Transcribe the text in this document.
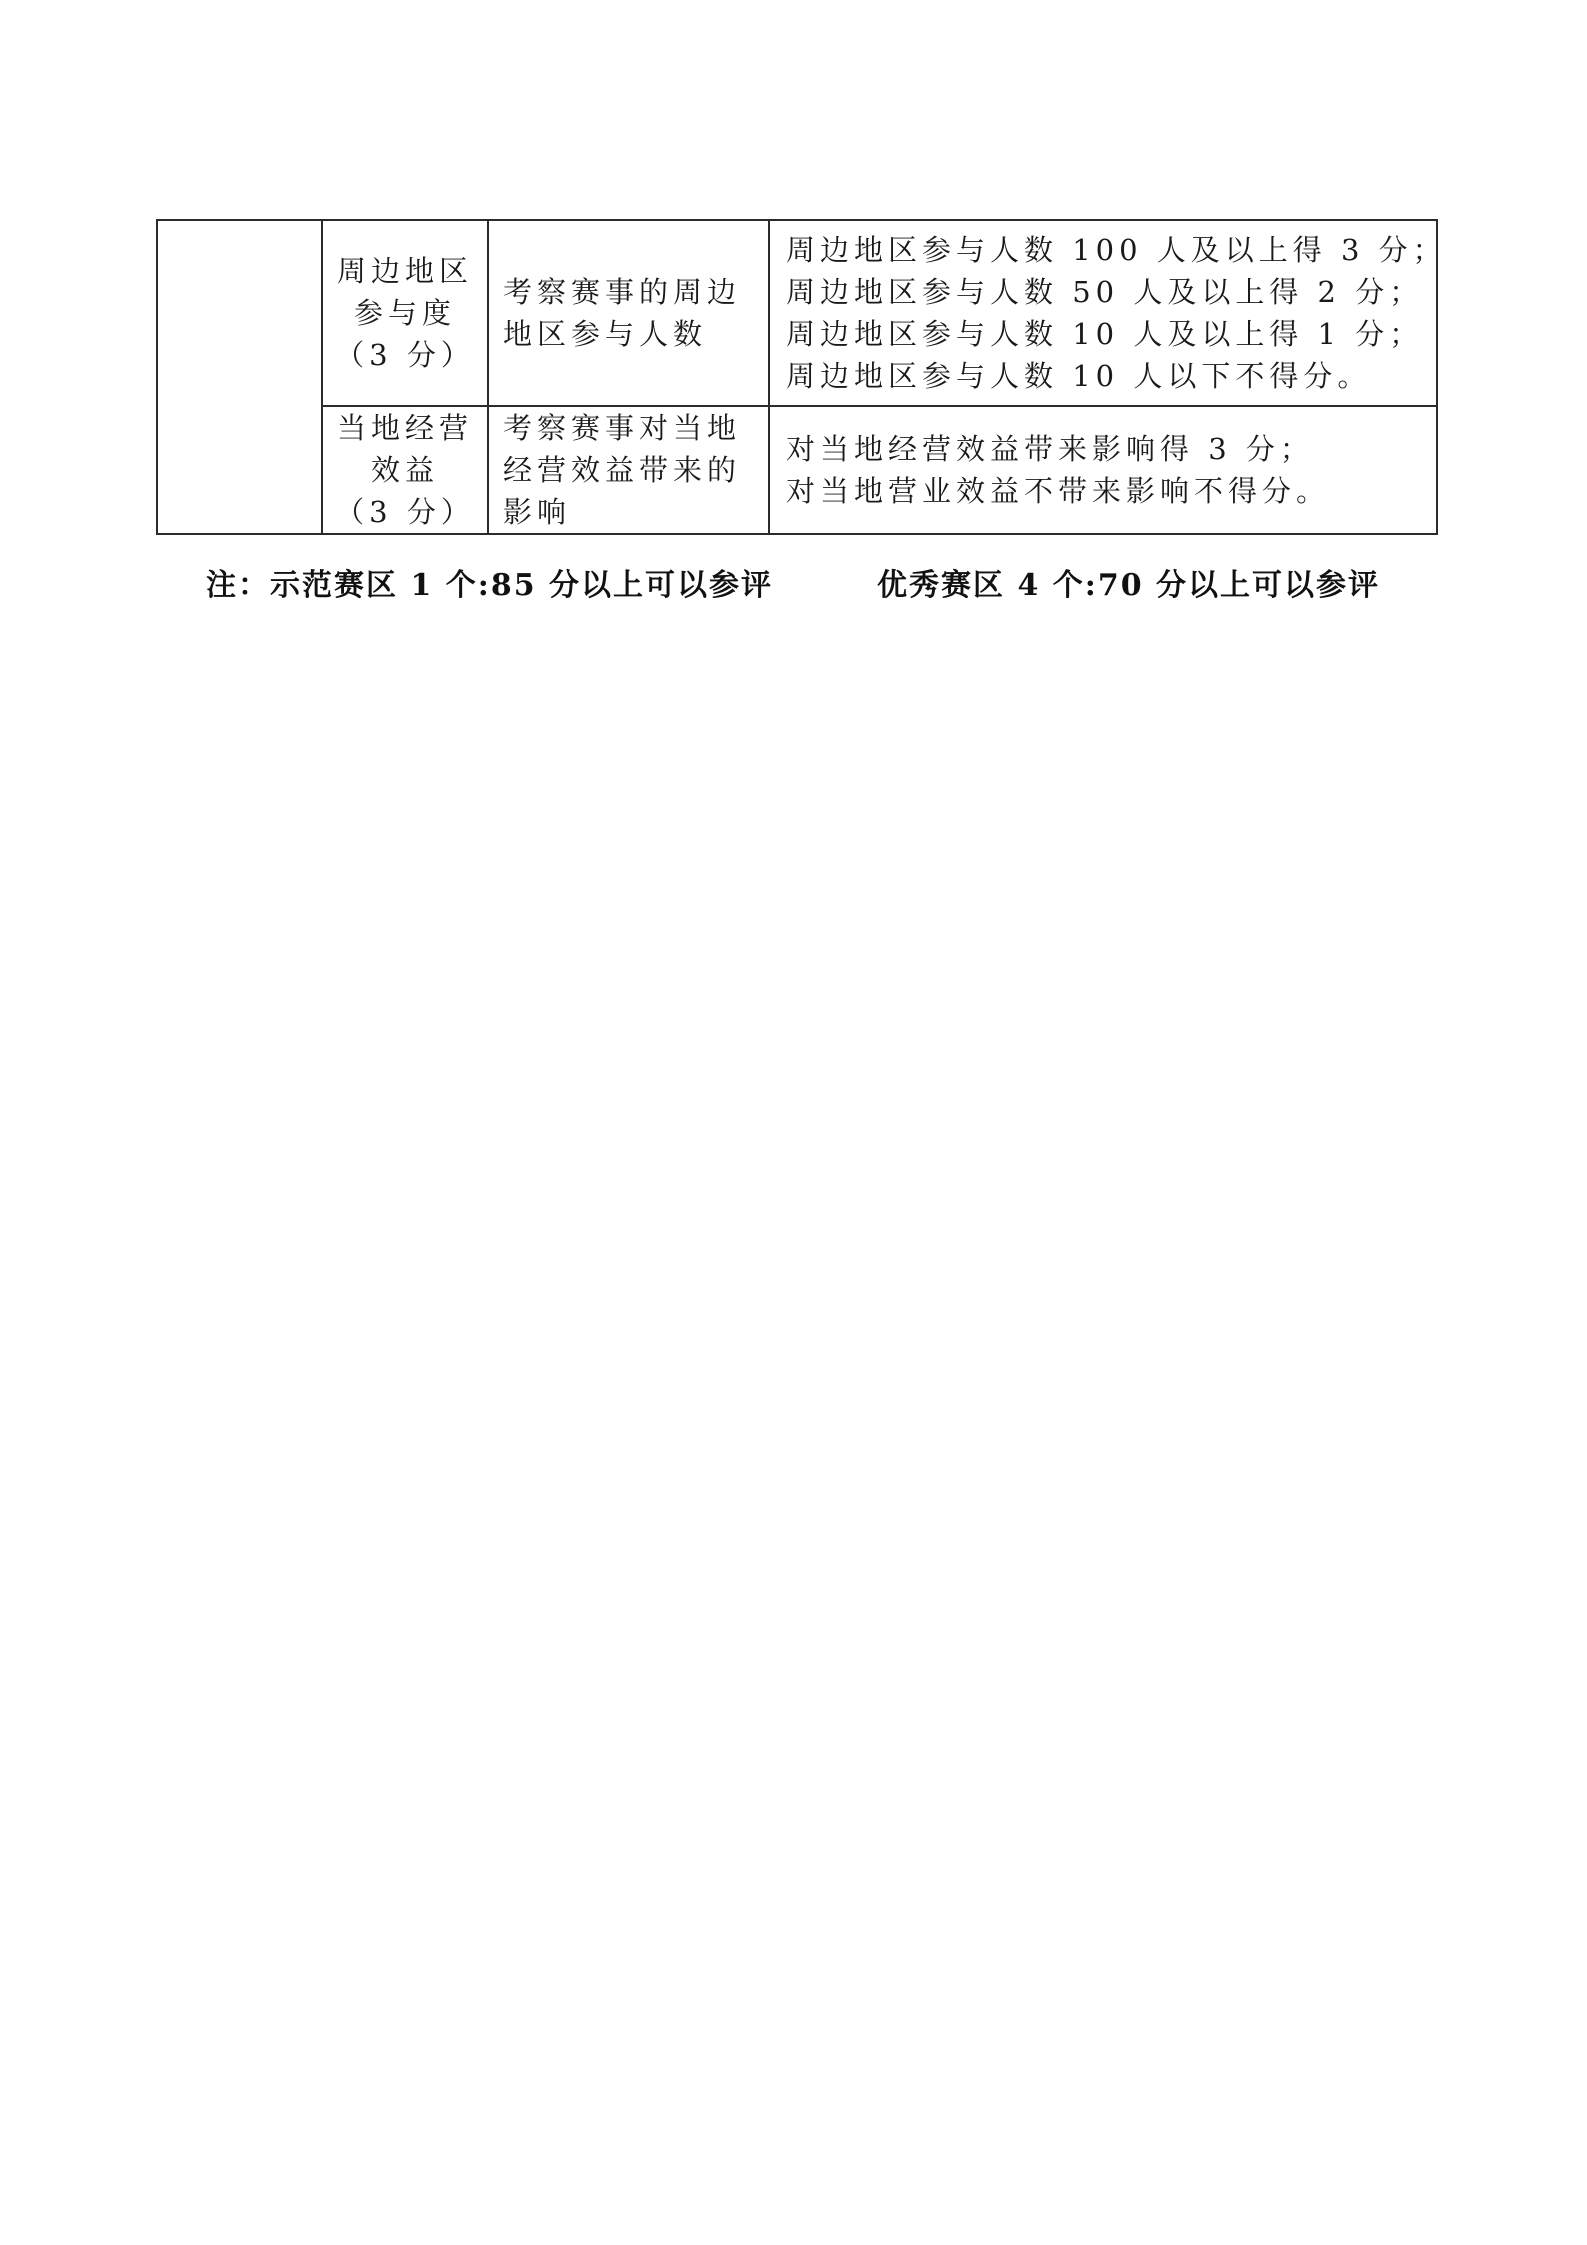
	周边地区
参与度
（3 分）	考察赛事的周边
地区参与人数	周边地区参与人数 100 人及以上得 3 分；
周边地区参与人数 50 人及以上得 2 分；
周边地区参与人数 10 人及以上得 1 分；
周边地区参与人数 10 人以下不得分。

	当地经营
效益
（3 分）	考察赛事对当地
经营效益带来的
影响	对当地经营效益带来影响得 3 分；
对当地营业效益不带来影响不得分。
注：示范赛区 1 个:85 分以上可以参评	优秀赛区 4 个:70 分以上可以参评
